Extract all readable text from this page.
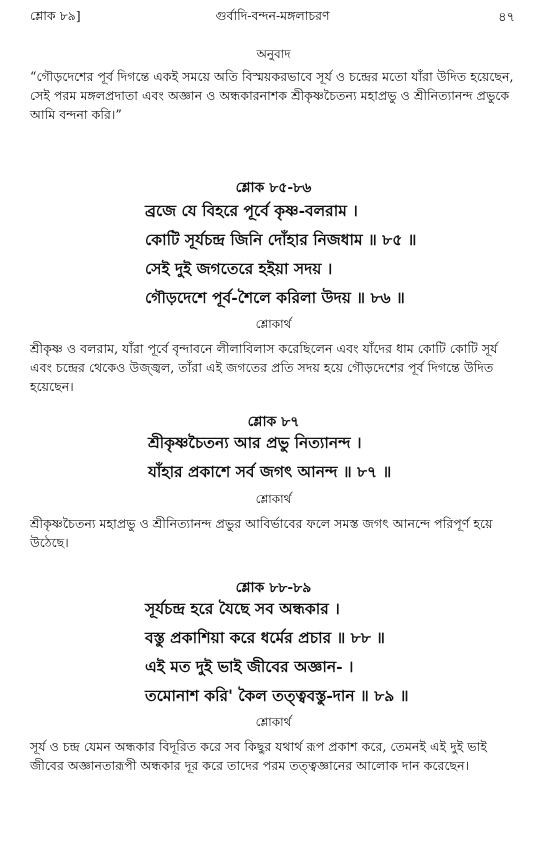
শ্লোক ৮৯]	গুর্বাদি-বন্দন-মঙ্গলাচরণ	৪৭

অনুবাদ

“গৌড়দেশের পূর্ব দিগন্তে একই সময়ে অতি বিস্ময়করভাবে সূর্য ও চন্দ্রের মতো যাঁরা উদিত হয়েছেন, সেই পরম মঙ্গলপ্রদাতা এবং অজ্ঞান ও অন্ধকারনাশক শ্রীকৃষ্ণচৈতন্য মহাপ্রভু ও শ্রীনিত্যানন্দ প্রভুকে আমি বন্দনা করি।”

শ্লোক ৮৫-৮৬

ব্রজে যে বিহরে পূর্বে কৃষ্ণ-বলরাম ।
কোটি সূর্যচন্দ্র জিনি দোঁহার নিজধাম ॥ ৮৫ ॥
সেই দুই জগতেরে হইয়া সদয় ।
গৌড়দেশে পূর্ব-শৈলে করিলা উদয় ॥ ৮৬ ॥

শ্লোকার্থ

শ্রীকৃষ্ণ ও বলরাম, যাঁরা পূর্বে বৃন্দাবনে লীলাবিলাস করেছিলেন এবং যাঁদের ধাম কোটি কোটি সূর্য এবং চন্দ্রের থেকেও উজ্জ্বল, তাঁরা এই জগতের প্রতি সদয় হয়ে গৌড়দেশের পূর্ব দিগন্তে উদিত হয়েছেন।

শ্লোক ৮৭

শ্রীকৃষ্ণচৈতন্য আর প্রভু নিত্যানন্দ ।
যাঁহার প্রকাশে সর্ব জগৎ আনন্দ ॥ ৮৭ ॥

শ্লোকার্থ

শ্রীকৃষ্ণচৈতন্য মহাপ্রভু ও শ্রীনিত্যানন্দ প্রভুর আবির্ভাবের ফলে সমস্ত জগৎ আনন্দে পরিপূর্ণ হয়ে উঠেছে।

শ্লোক ৮৮-৮৯

সূর্যচন্দ্র হরে যৈছে সব অন্ধকার ।
বস্তু প্রকাশিয়া করে ধর্মের প্রচার ॥ ৮৮ ॥
এই মত দুই ভাই জীবের অজ্ঞান- ।
তমোনাশ করি' কৈল তত্ত্ববস্তু-দান ॥ ৮৯ ॥

শ্লোকার্থ

সূর্য ও চন্দ্র যেমন অন্ধকার বিদূরিত করে সব কিছুর যথার্থ রূপ প্রকাশ করে, তেমনই এই দুই ভাই জীবের অজ্ঞানতারূপী অন্ধকার দূর করে তাদের পরম তত্ত্বজ্ঞানের আলোক দান করেছেন।
